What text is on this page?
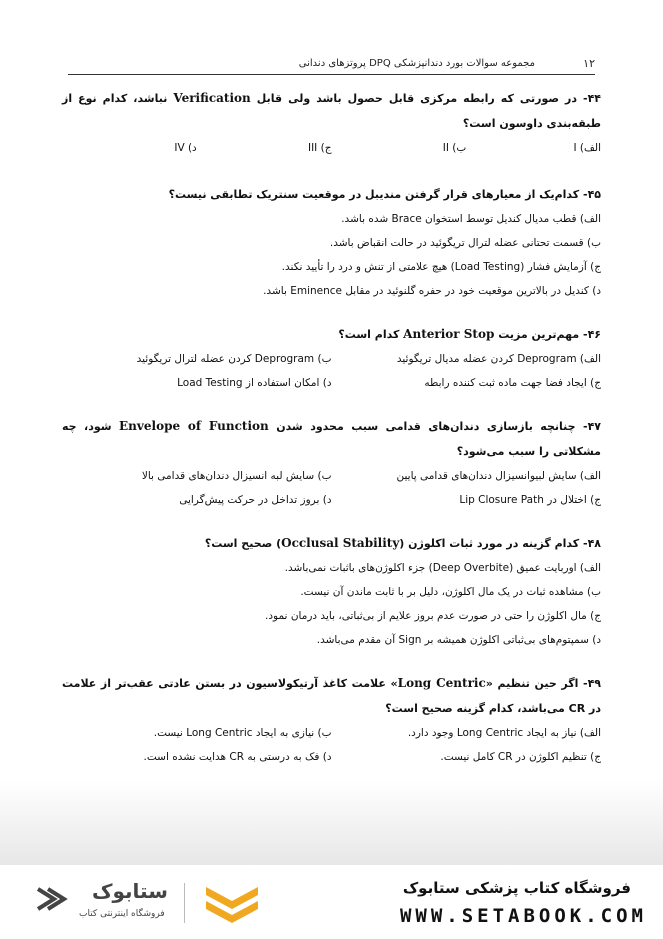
۱۲
مجموعه سوالات بورد دندانپزشکی DPQ پروتزهای دندانی
۴۴- در صورتی که رابطه مرکزی قابل حصول باشد ولی قابل Verification نباشد، کدام نوع از طبقه‌بندی داوسون است؟
الف) I
ب) II
ج) III
د) IV
۴۵- کدام‌یک از معیارهای قرار گرفتن مندیبل در موقعیت سنتریک تطابقی نیست؟
الف) قطب مدیال کندیل توسط استخوان Brace شده باشد.
ب) قسمت تحتانی عضله لترال تریگوئید در حالت انقباض باشد.
ج) آزمایش فشار (Load Testing) هیچ علامتی از تنش و درد را تأیید نکند.
د) کندیل در بالاترین موقعیت خود در حفره گلنوئید در مقابل Eminence باشد.
۴۶- مهم‌ترین مزیت Anterior Stop کدام است؟
الف) Deprogram کردن عضله مدیال تریگوئید
ب) Deprogram کردن عضله لترال تریگوئید
ج) ایجاد فضا جهت ماده ثبت کننده رابطه
د) امکان استفاده از Load Testing
۴۷- چنانچه بازسازی دندان‌های قدامی سبب محدود شدن Envelope of Function شود، چه مشکلاتی را سبب می‌شود؟
الف) سایش لبیوانسیزال دندان‌های قدامی پایین
ب) سایش لبه انسیزال دندان‌های قدامی بالا
ج) اختلال در Lip Closure Path
د) بروز تداخل در حرکت پیش‌گرایی
۴۸- کدام گزینه در مورد ثبات اکلوژن (Occlusal Stability) صحیح است؟
الف) اوربایت عمیق (Deep Overbite) جزء اکلوژن‌های باثبات نمی‌باشد.
ب) مشاهده ثبات در یک مال اکلوژن، دلیل بر با ثابت ماندن آن نیست.
ج) مال اکلوژن را حتی در صورت عدم بروز علایم از بی‌ثباتی، باید درمان نمود.
د) سمپتوم‌های بی‌ثباتی اکلوژن همیشه بر Sign آن مقدم می‌باشد.
۴۹- اگر حین تنظیم «Long Centric» علامت کاغذ آرتیکولاسیون در بستن عادتی عقب‌تر از علامت در CR می‌باشد، کدام گزینه صحیح است؟
الف) نیاز به ایجاد Long Centric وجود دارد.
ب) نیازی به ایجاد Long Centric نیست.
ج) تنظیم اکلوژن در CR کامل نیست.
د) فک به درستی به CR هدایت نشده است.
ستابوک
فروشگاه اینترنتی کتاب
فروشگاه کتاب پزشکی ستابوک
WWW.SETABOOK.COM
